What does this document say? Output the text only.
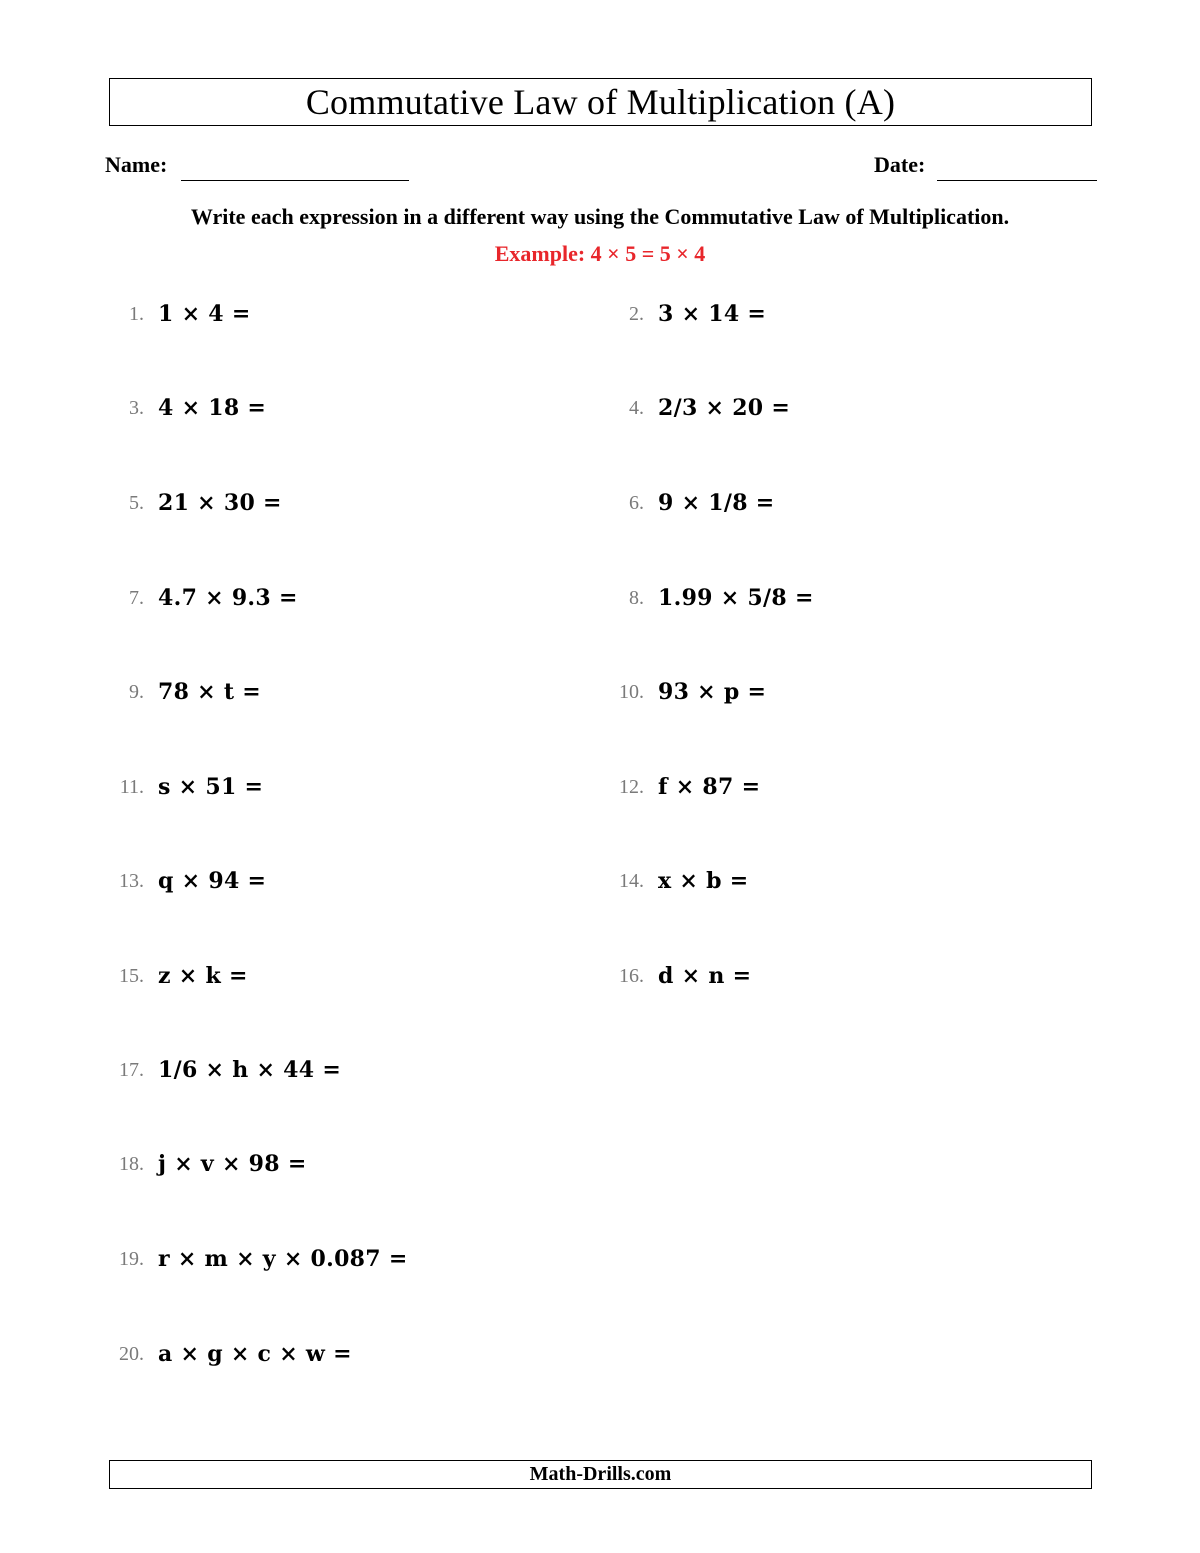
Commutative Law of Multiplication (A)
Name:	Date:
Write each expression in a different way using the Commutative Law of Multiplication.
Example: 4 × 5 = 5 × 4
1. 1 × 4 =	2. 3 × 14 =
3. 4 × 18 =	4. 2/3 × 20 =
5. 21 × 30 =	6. 9 × 1/8 =
7. 4.7 × 9.3 =	8. 1.99 × 5/8 =
9. 78 × t =	10. 93 × p =
11. s × 51 =	12. f × 87 =
13. q × 94 =	14. x × b =
15. z × k =	16. d × n =
17. 1/6 × h × 44 =
18. j × v × 98 =
19. r × m × y × 0.087 =
20. a × g × c × w =
Math-Drills.com
